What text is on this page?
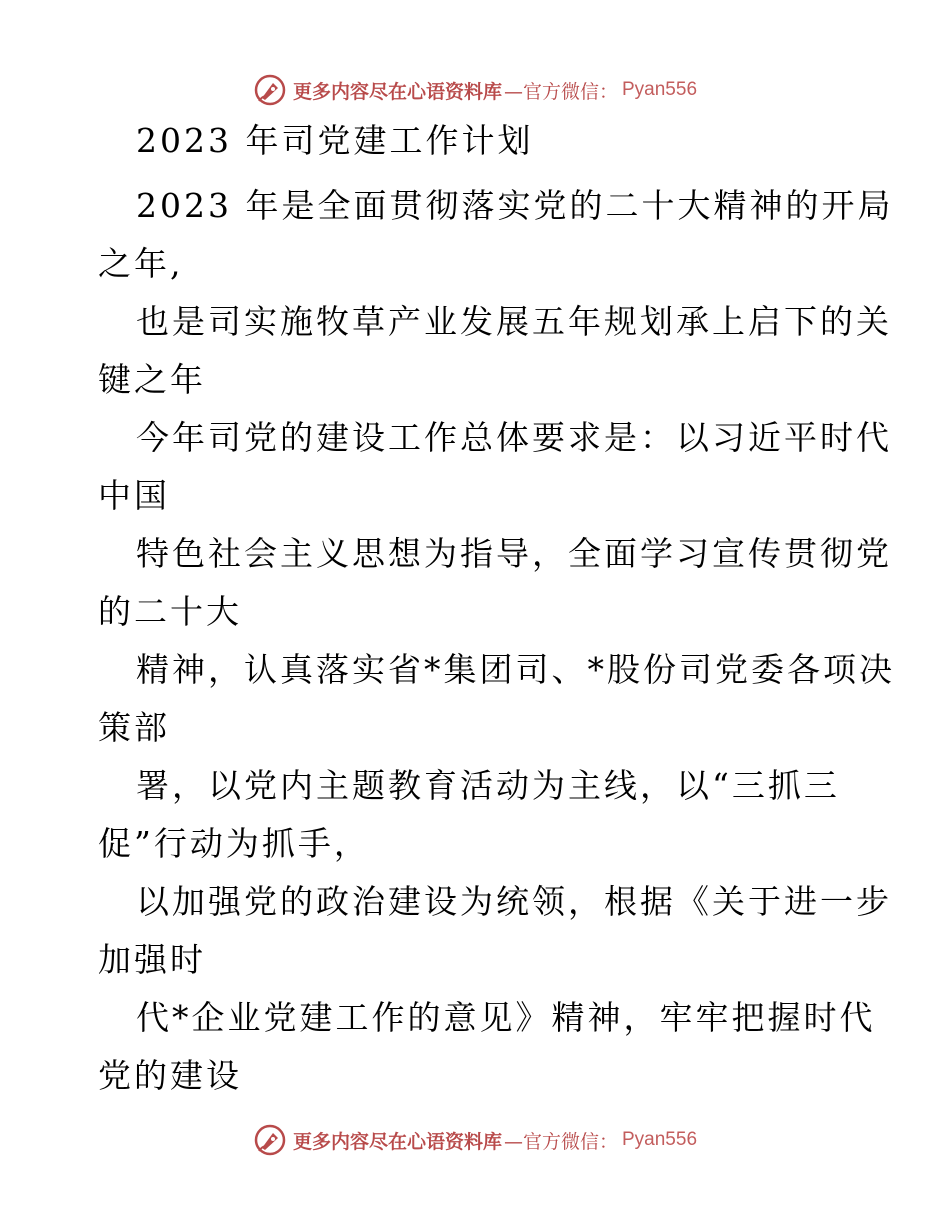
更多内容尽在心语资料库 —官方微信： Pyan556
2023 年司党建工作计划
2023 年是全面贯彻落实党的二十大精神的开局
之年,
也是司实施牧草产业发展五年规划承上启下的关
键之年
今年司党的建设工作总体要求是：以习近平时代
中国
特色社会主义思想为指导，全面学习宣传贯彻党
的二十大
精神，认真落实省*集团司、*股份司党委各项决
策部
署，以党内主题教育活动为主线，以“三抓三
促”行动为抓手，
以加强党的政治建设为统领，根据《关于进一步
加强时
代*企业党建工作的意见》精神，牢牢把握时代
党的建设
更多内容尽在心语资料库 —官方微信： Pyan556
